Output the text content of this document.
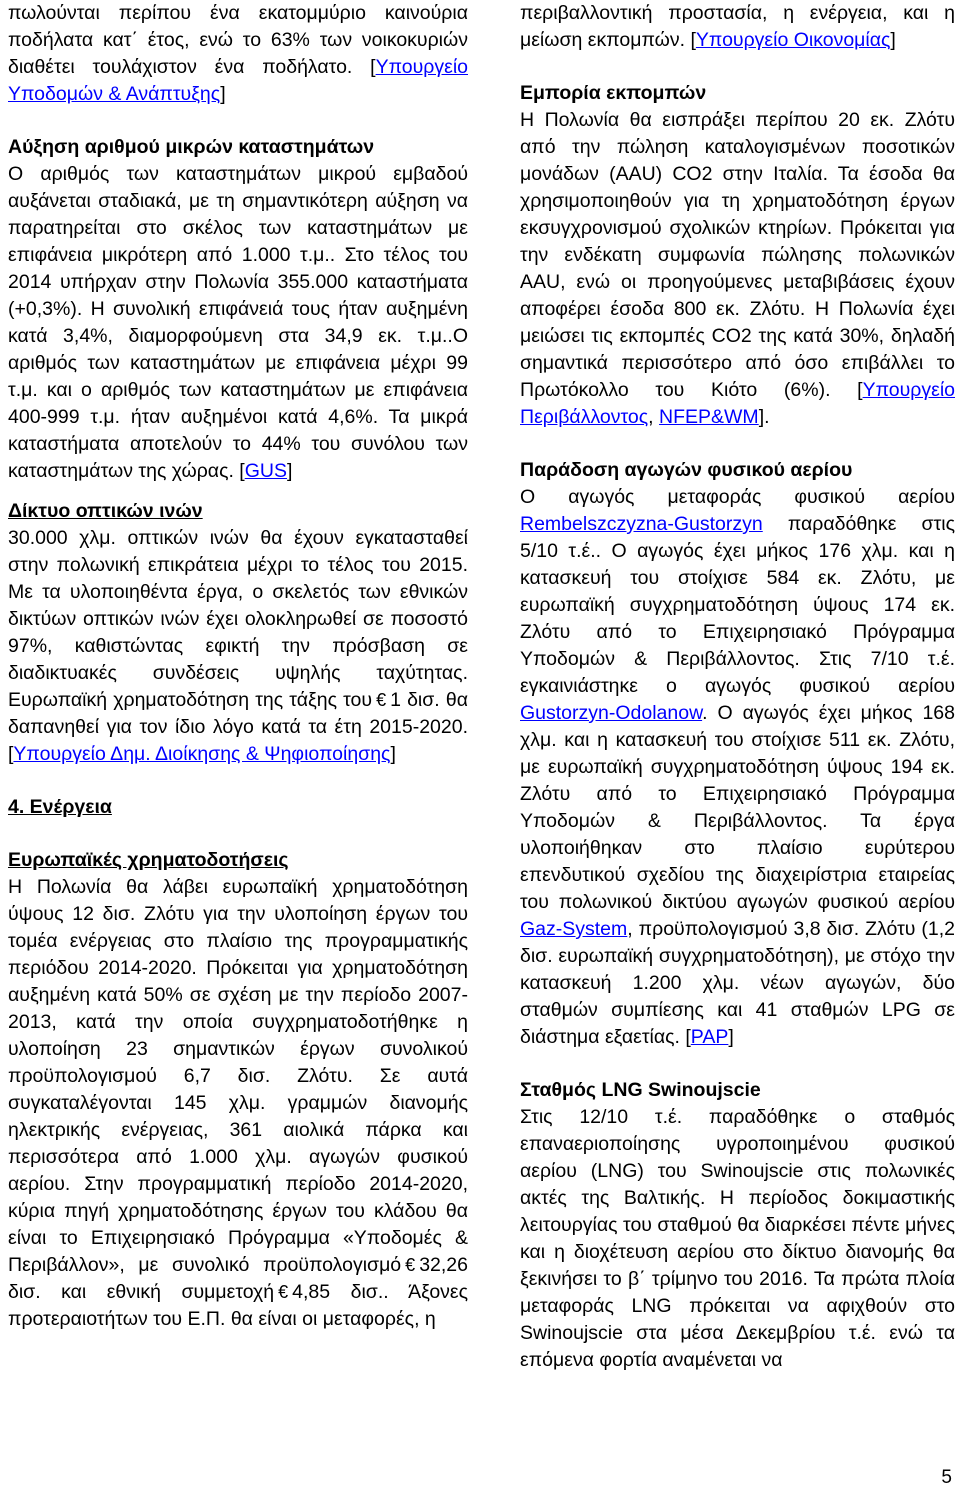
πωλούνται περίπου ένα εκατομμύριο καινούρια ποδήλατα κατ΄ έτος, ενώ το 63% των νοικοκυριών διαθέτει τουλάχιστον ένα ποδήλατο. [Υπουργείο Υποδομών & Ανάπτυξης]

Αύξηση αριθμού μικρών καταστημάτων

Ο αριθμός των καταστημάτων μικρού εμβαδού αυξάνεται σταδιακά, με τη σημαντικότερη αύξηση να παρατηρείται στο σκέλος των καταστημάτων με επιφάνεια μικρότερη από 1.000 τ.μ.. Στο τέλος του 2014 υπήρχαν στην Πολωνία 355.000 καταστήματα (+0,3%). Η συνολική επιφάνειά τους ήταν αυξημένη κατά 3,4%, διαμορφούμενη στα 34,9 εκ. τ.μ..Ο αριθμός των καταστημάτων με επιφάνεια μέχρι 99 τ.μ. και ο αριθμός των καταστημάτων με επιφάνεια 400-999 τ.μ. ήταν αυξημένοι κατά 4,6%. Τα μικρά καταστήματα αποτελούν το 44% του συνόλου των καταστημάτων της χώρας. [GUS]

Δίκτυο οπτικών ινών

30.000 χλμ. οπτικών ινών θα έχουν εγκατασταθεί στην πολωνική επικράτεια μέχρι το τέλος του 2015. Με τα υλοποιηθέντα έργα, ο σκελετός των εθνικών δικτύων οπτικών ινών έχει ολοκληρωθεί σε ποσοστό 97%, καθιστώντας εφικτή την πρόσβαση σε διαδικτυακές συνδέσεις υψηλής ταχύτητας. Ευρωπαϊκή χρηματοδότηση της τάξης του € 1 δισ. θα δαπανηθεί για τον ίδιο λόγο κατά τα έτη 2015-2020. [Υπουργείο Δημ. Διοίκησης & Ψηφιοποίησης]

4. Ενέργεια

Ευρωπαϊκές χρηματοδοτήσεις

Η Πολωνία θα λάβει ευρωπαϊκή χρηματοδότηση ύψους 12 δισ. Ζλότυ για την υλοποίηση έργων του τομέα ενέργειας στο πλαίσιο της προγραμματικής περιόδου 2014-2020. Πρόκειται για χρηματοδότηση αυξημένη κατά 50% σε σχέση με την περίοδο 2007-2013, κατά την οποία συγχρηματοδοτήθηκε η υλοποίηση 23 σημαντικών έργων συνολικού προϋπολογισμού 6,7 δισ. Ζλότυ. Σε αυτά συγκαταλέγονται 145 χλμ. γραμμών διανομής ηλεκτρικής ενέργειας, 361 αιολικά πάρκα και περισσότερα από 1.000 χλμ. αγωγών φυσικού αερίου. Στην προγραμματική περίοδο 2014-2020, κύρια πηγή χρηματοδότησης έργων του κλάδου θα είναι το Επιχειρησιακό Πρόγραμμα «Υποδομές & Περιβάλλον», με συνολικό προϋπολογισμό € 32,26 δισ. και εθνική συμμετοχή € 4,85 δισ.. Άξονες προτεραιοτήτων του Ε.Π. θα είναι οι μεταφορές, η

περιβαλλοντική προστασία, η ενέργεια, και η μείωση εκπομπών. [Υπουργείο Οικονομίας]

Εμπορία εκπομπών

Η Πολωνία θα εισπράξει περίπου 20 εκ. Ζλότυ από την πώληση καταλογισμένων ποσοτικών μονάδων (AAU) CO2 στην Ιταλία. Τα έσοδα θα χρησιμοποιηθούν για τη χρηματοδότηση έργων εκσυγχρονισμού σχολικών κτηρίων. Πρόκειται για την ενδέκατη συμφωνία πώλησης πολωνικών AAU, ενώ οι προηγούμενες μεταβιβάσεις έχουν αποφέρει έσοδα 800 εκ. Ζλότυ. Η Πολωνία έχει μειώσει τις εκπομπές CO2 της κατά 30%, δηλαδή σημαντικά περισσότερο από όσο επιβάλλει το Πρωτόκολλο του Κιότο (6%). [Υπουργείο Περιβάλλοντος, NFEP&WM].

Παράδοση αγωγών φυσικού αερίου

Ο αγωγός μεταφοράς φυσικού αερίου Rembelszczyzna-Gustorzyn παραδόθηκε στις 5/10 τ.έ.. Ο αγωγός έχει μήκος 176 χλμ. και η κατασκευή του στοίχισε 584 εκ. Ζλότυ, με ευρωπαϊκή συγχρηματοδότηση ύψους 174 εκ. Ζλότυ από το Επιχειρησιακό Πρόγραμμα Υποδομών & Περιβάλλοντος. Στις 7/10 τ.έ. εγκαινιάστηκε ο αγωγός φυσικού αερίου Gustorzyn-Odolanow. Ο αγωγός έχει μήκος 168 χλμ. και η κατασκευή του στοίχισε 511 εκ. Ζλότυ, με ευρωπαϊκή συγχρηματοδότηση ύψους 194 εκ. Ζλότυ από το Επιχειρησιακό Πρόγραμμα Υποδομών & Περιβάλλοντος. Τα έργα υλοποιήθηκαν στο πλαίσιο ευρύτερου επενδυτικού σχεδίου της διαχειρίστρια εταιρείας του πολωνικού δικτύου αγωγών φυσικού αερίου Gaz-System, προϋπολογισμού 3,8 δισ. Ζλότυ (1,2 δισ. ευρωπαϊκή συγχρηματοδότηση), με στόχο την κατασκευή 1.200 χλμ. νέων αγωγών, δύο σταθμών συμπίεσης και 41 σταθμών LPG σε διάστημα εξαετίας. [PAP]

Σταθμός LNG Swinoujscie

Στις 12/10 τ.έ. παραδόθηκε ο σταθμός επαναεριοποίησης υγροποιημένου φυσικού αερίου (LNG) του Swinoujscie στις πολωνικές ακτές της Βαλτικής. Η περίοδος δοκιμαστικής λειτουργίας του σταθμού θα διαρκέσει πέντε μήνες και η διοχέτευση αερίου στο δίκτυο διανομής θα ξεκινήσει το β΄ τρίμηνο του 2016. Τα πρώτα πλοία μεταφοράς LNG πρόκειται να αφιχθούν στο Swinoujscie στα μέσα Δεκεμβρίου τ.έ. ενώ τα επόμενα φορτία αναμένεται να

5
